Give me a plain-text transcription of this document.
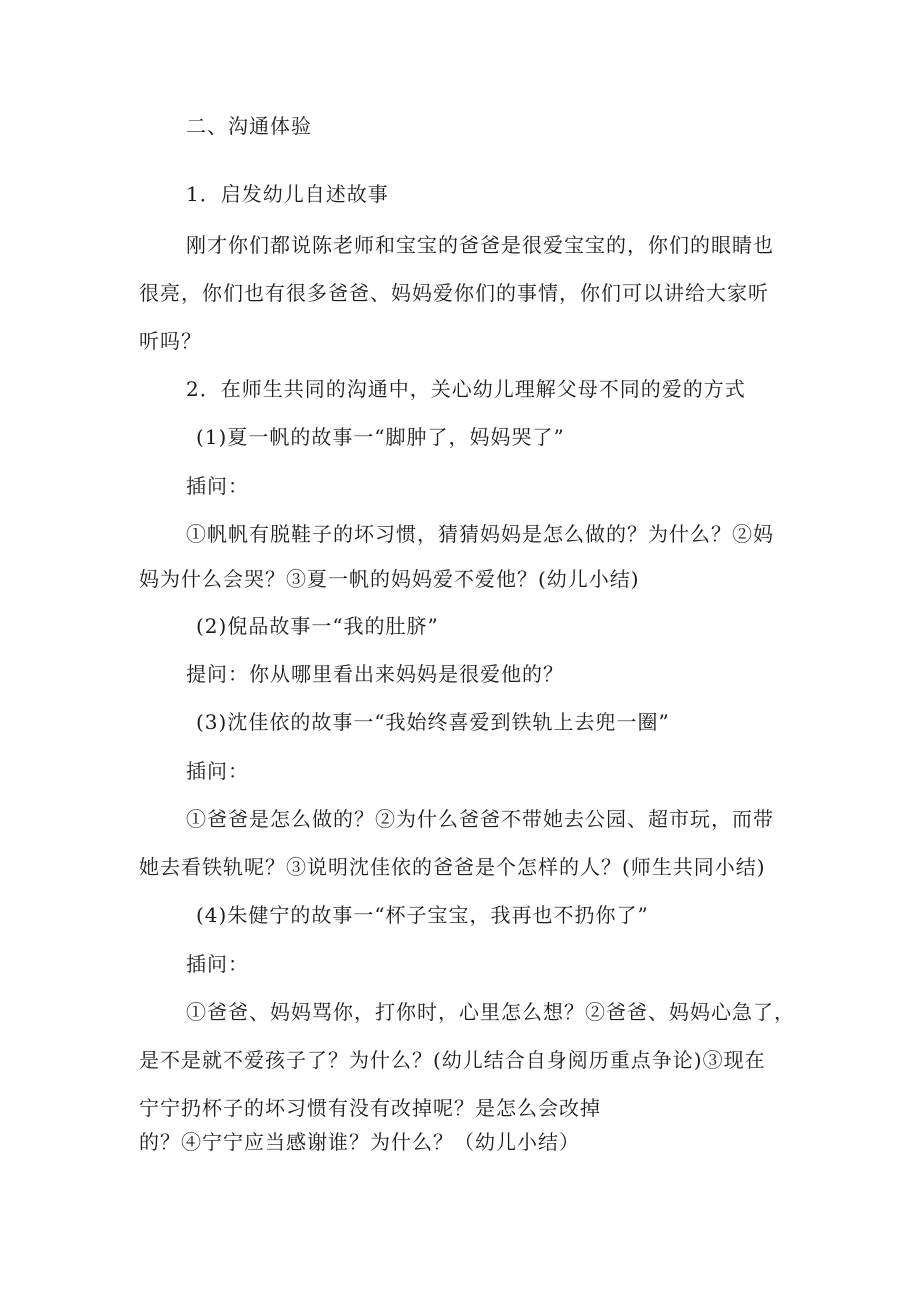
二、沟通体验
1．启发幼儿自述故事
刚才你们都说陈老师和宝宝的爸爸是很爱宝宝的，你们的眼睛也
很亮，你们也有很多爸爸、妈妈爱你们的事情，你们可以讲给大家听
听吗？
2．在师生共同的沟通中，关心幼儿理解父母不同的爱的方式
(1)夏一帆的故事一“脚肿了，妈妈哭了”
插问：
①帆帆有脱鞋子的坏习惯，猜猜妈妈是怎么做的？为什么？②妈
妈为什么会哭？③夏一帆的妈妈爱不爱他？(幼儿小结)
(2)倪品故事一“我的肚脐”
提问：你从哪里看出来妈妈是很爱他的？
(3)沈佳依的故事一“我始终喜爱到铁轨上去兜一圈”
插问：
①爸爸是怎么做的？②为什么爸爸不带她去公园、超市玩，而带
她去看铁轨呢？③说明沈佳依的爸爸是个怎样的人？(师生共同小结)
(4)朱健宁的故事一“杯子宝宝，我再也不扔你了”
插问：
①爸爸、妈妈骂你，打你时，心里怎么想？②爸爸、妈妈心急了，
是不是就不爱孩子了？为什么？(幼儿结合自身阅历重点争论)③现在
宁宁扔杯子的坏习惯有没有改掉呢？是怎么会改掉
的？④宁宁应当感谢谁？为什么？（幼儿小结）
